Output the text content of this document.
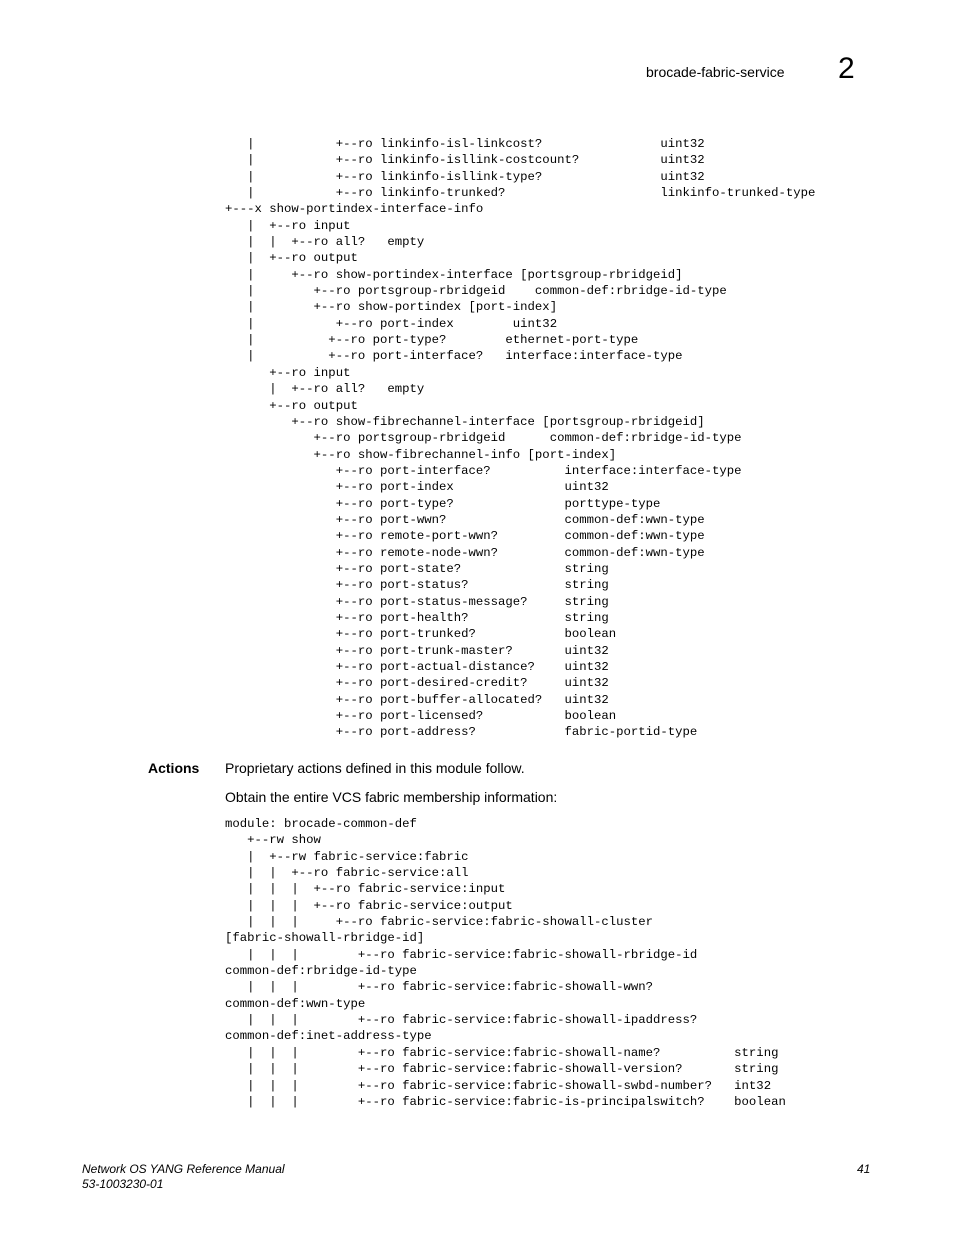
brocade-fabric-service 2
|           +--ro linkinfo-isl-linkcost?                uint32
|           +--ro linkinfo-isllink-costcount?           uint32
|           +--ro linkinfo-isllink-type?                uint32
|           +--ro linkinfo-trunked?                     linkinfo-trunked-type
+---x show-portindex-interface-info
|  +--ro input
|  |  +--ro all?   empty
|  +--ro output
|     +--ro show-portindex-interface [portsgroup-rbridgeid]
|        +--ro portsgroup-rbridgeid    common-def:rbridge-id-type
|        +--ro show-portindex [port-index]
|           +--ro port-index        uint32
|          +--ro port-type?        ethernet-port-type
|          +--ro port-interface?   interface:interface-type
+--ro input
|  +--ro all?   empty
+--ro output
+--ro show-fibrechannel-interface [portsgroup-rbridgeid]
+--ro portsgroup-rbridgeid      common-def:rbridge-id-type
+--ro show-fibrechannel-info [port-index]
+--ro port-interface?          interface:interface-type
+--ro port-index               uint32
+--ro port-type?               porttype-type
+--ro port-wwn?                common-def:wwn-type
+--ro remote-port-wwn?         common-def:wwn-type
+--ro remote-node-wwn?         common-def:wwn-type
+--ro port-state?              string
+--ro port-status?             string
+--ro port-status-message?     string
+--ro port-health?             string
+--ro port-trunked?            boolean
+--ro port-trunk-master?       uint32
+--ro port-actual-distance?    uint32
+--ro port-desired-credit?     uint32
+--ro port-buffer-allocated?   uint32
+--ro port-licensed?           boolean
+--ro port-address?            fabric-portid-type
Actions Proprietary actions defined in this module follow.
Obtain the entire VCS fabric membership information:
module: brocade-common-def
+--rw show
|  +--rw fabric-service:fabric
|  |  +--ro fabric-service:all
|  |  |  +--ro fabric-service:input
|  |  |  +--ro fabric-service:output
|  |  |     +--ro fabric-service:fabric-showall-cluster
[fabric-showall-rbridge-id]
|  |  |        +--ro fabric-service:fabric-showall-rbridge-id
common-def:rbridge-id-type
|  |  |        +--ro fabric-service:fabric-showall-wwn?
common-def:wwn-type
|  |  |        +--ro fabric-service:fabric-showall-ipaddress?
common-def:inet-address-type
|  |  |        +--ro fabric-service:fabric-showall-name?          string
|  |  |        +--ro fabric-service:fabric-showall-version?       string
|  |  |        +--ro fabric-service:fabric-showall-swbd-number?   int32
|  |  |        +--ro fabric-service:fabric-is-principalswitch?    boolean
Network OS YANG Reference Manual
53-1003230-01
41
